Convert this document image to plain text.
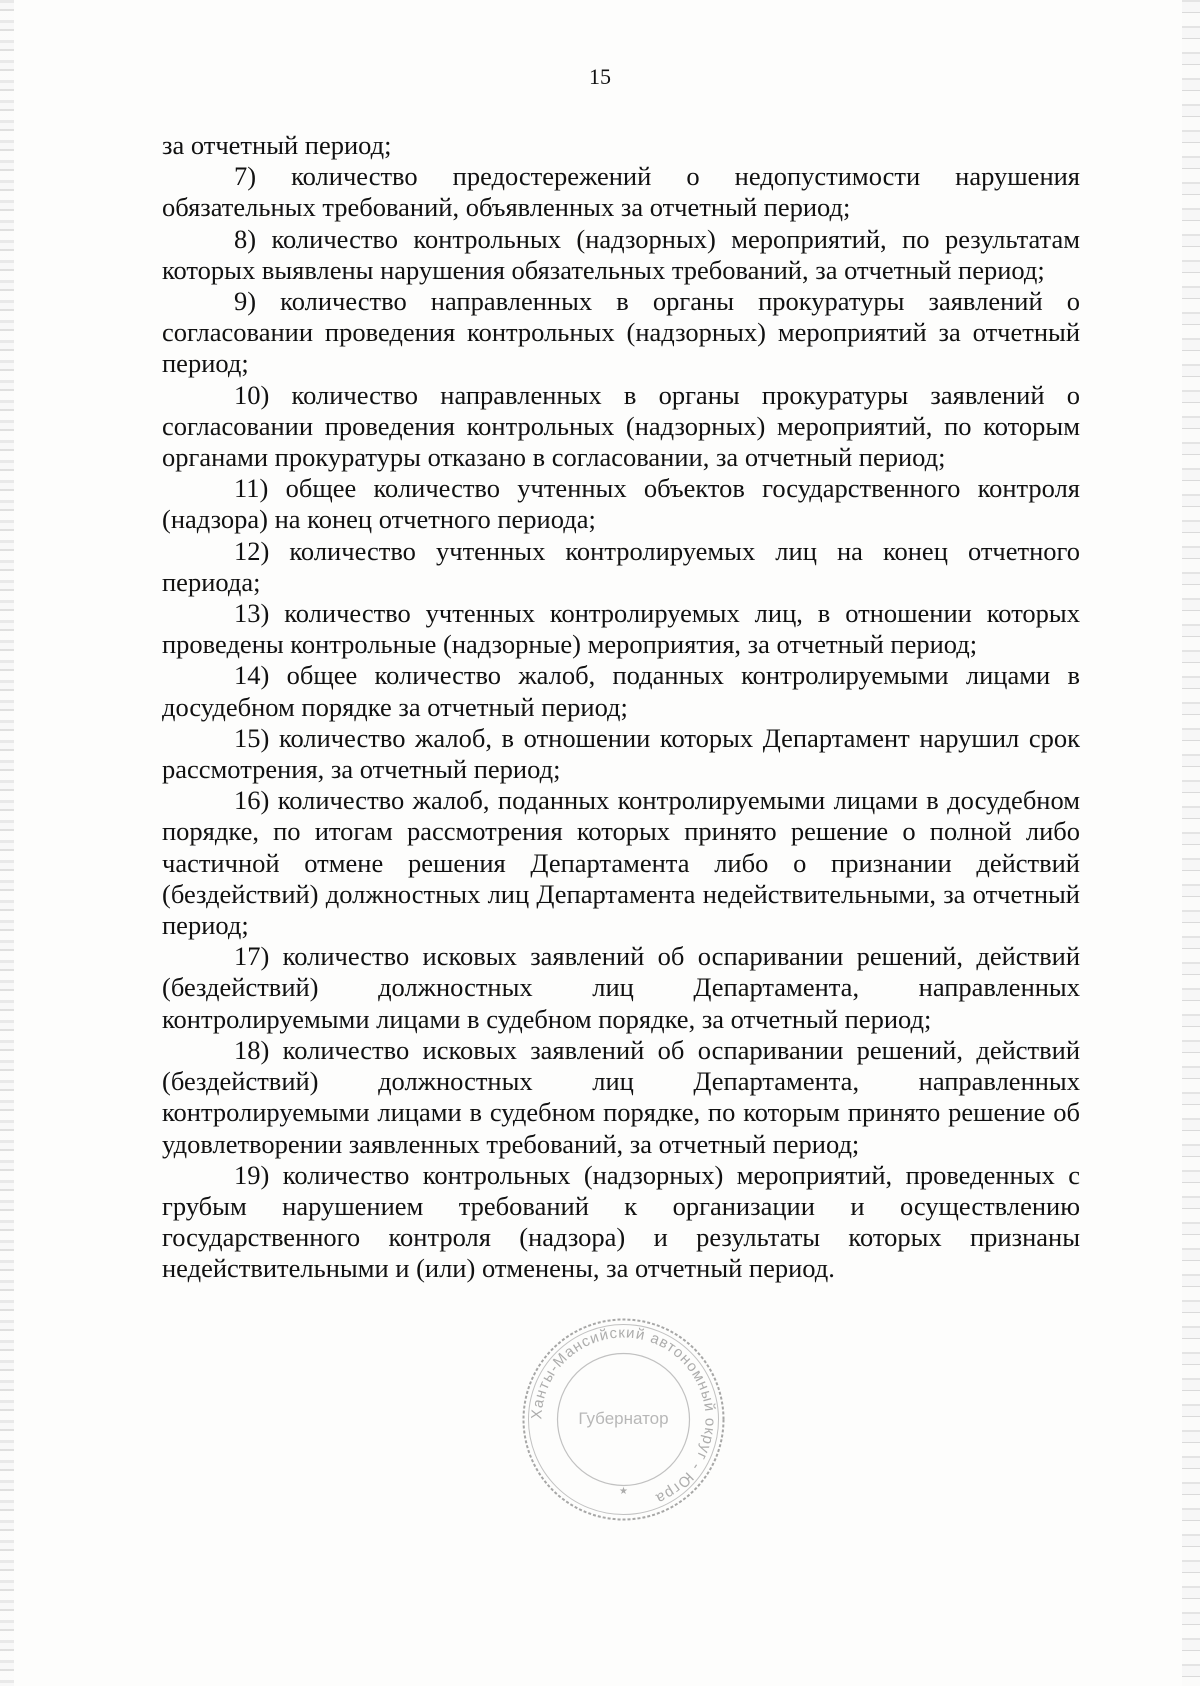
15

за отчетный период;

7) количество предостережений о недопустимости нарушения обязательных требований, объявленных за отчетный период;

8) количество контрольных (надзорных) мероприятий, по результатам которых выявлены нарушения обязательных требований, за отчетный период;

9) количество направленных в органы прокуратуры заявлений о согласовании проведения контрольных (надзорных) мероприятий за отчетный период;

10) количество направленных в органы прокуратуры заявлений о согласовании проведения контрольных (надзорных) мероприятий, по которым органами прокуратуры отказано в согласовании, за отчетный период;

11) общее количество учтенных объектов государственного контроля (надзора) на конец отчетного периода;

12) количество учтенных контролируемых лиц на конец отчетного периода;

13) количество учтенных контролируемых лиц, в отношении которых проведены контрольные (надзорные) мероприятия, за отчетный период;

14) общее количество жалоб, поданных контролируемыми лицами в досудебном порядке за отчетный период;

15) количество жалоб, в отношении которых Департамент нарушил срок рассмотрения, за отчетный период;

16) количество жалоб, поданных контролируемыми лицами в досудебном порядке, по итогам рассмотрения которых принято решение о полной либо частичной отмене решения Департамента либо о признании действий (бездействий) должностных лиц Департамента недействительными, за отчетный период;

17) количество исковых заявлений об оспаривании решений, действий (бездействий) должностных лиц Департамента, направленных контролируемыми лицами в судебном порядке, за отчетный период;

18) количество исковых заявлений об оспаривании решений, действий (бездействий) должностных лиц Департамента, направленных контролируемыми лицами в судебном порядке, по которым принято решение об удовлетворении заявленных требований, за отчетный период;

19) количество контрольных (надзорных) мероприятий, проведенных с грубым нарушением требований к организации и осуществлению государственного контроля (надзора) и результаты которых признаны недействительными и (или) отменены, за отчетный период.

Ханты-Мансийский автономный округ - Югра
Губернатор
★
